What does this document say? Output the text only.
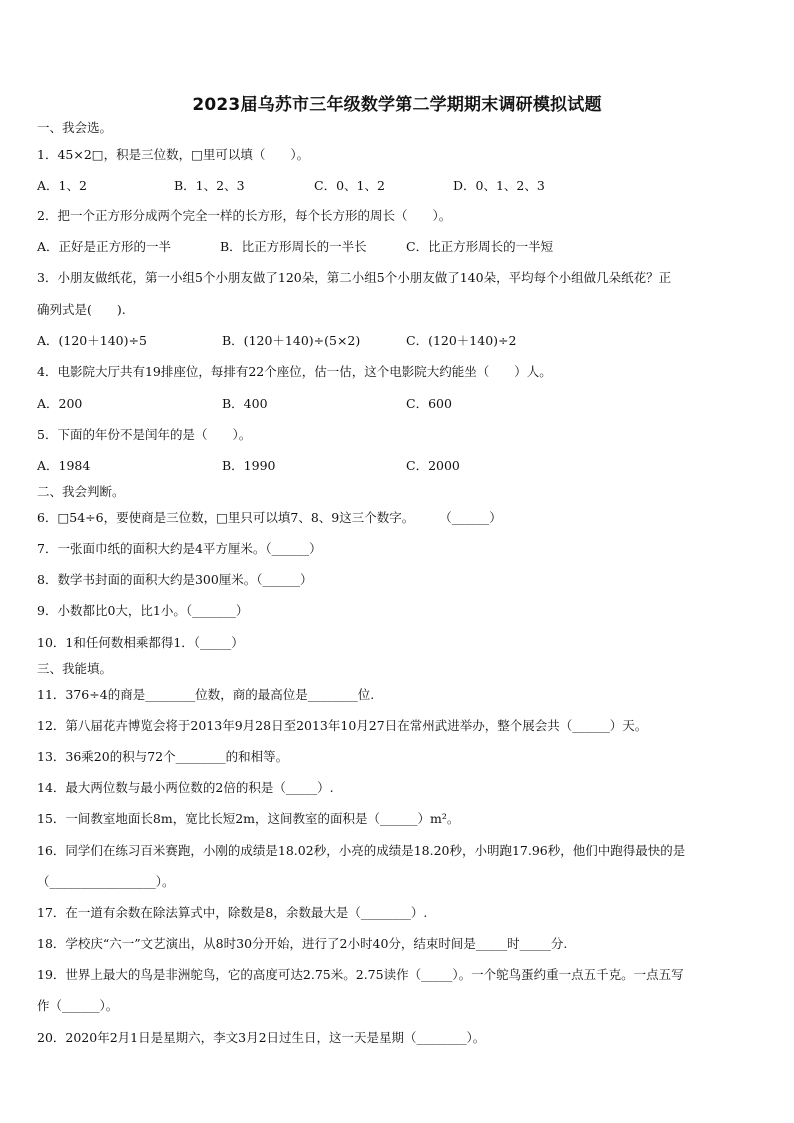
2023届乌苏市三年级数学第二学期期末调研模拟试题
一、我会选。
1．45×2□，积是三位数，□里可以填（　　）。
A．1、2	B．1、2、3	C．0、1、2	D．0、1、2、3
2．把一个正方形分成两个完全一样的长方形，每个长方形的周长（　　）。
A．正好是正方形的一半	B．比正方形周长的一半长	C．比正方形周长的一半短
3．小朋友做纸花，第一小组5个小朋友做了120朵，第二小组5个小朋友做了140朵，平均每个小组做几朵纸花？正
确列式是(　　).
A．(120＋140)÷5	B．(120＋140)÷(5×2)	C．(120＋140)÷2
4．电影院大厅共有19排座位，每排有22个座位，估一估，这个电影院大约能坐（　　）人。
A．200	B．400	C．600
5．下面的年份不是闰年的是（　　）。
A．1984	B．1990	C．2000
二、我会判断。
6．□54÷6，要使商是三位数，□里只可以填7、8、9这三个数字。　　　（______）
7．一张面巾纸的面积大约是4平方厘米。（______）
8．数学书封面的面积大约是300厘米。（______）
9．小数都比0大，比1小。（_______）
10．1和任何数相乘都得1．（_____）
三、我能填。
11．376÷4的商是________位数，商的最高位是________位.
12．第八届花卉博览会将于2013年9月28日至2013年10月27日在常州武进举办，整个展会共（______）天。
13．36乘20的积与72个________的和相等。
14．最大两位数与最小两位数的2倍的积是（_____）.
15．一间教室地面长8m，宽比长短2m，这间教室的面积是（______）m²。
16．同学们在练习百米赛跑，小刚的成绩是18.02秒，小亮的成绩是18.20秒，小明跑17.96秒，他们中跑得最快的是
（_________________）。
17．在一道有余数在除法算式中，除数是8，余数最大是（________）.
18．学校庆“六一”文艺演出，从8时30分开始，进行了2小时40分，结束时间是_____时_____分.
19．世界上最大的鸟是非洲鸵鸟，它的高度可达2.75米。2.75读作（_____）。一个鸵鸟蛋约重一点五千克。一点五写
作（______）。
20．2020年2月1日是星期六，李文3月2日过生日，这一天是星期（________）。
